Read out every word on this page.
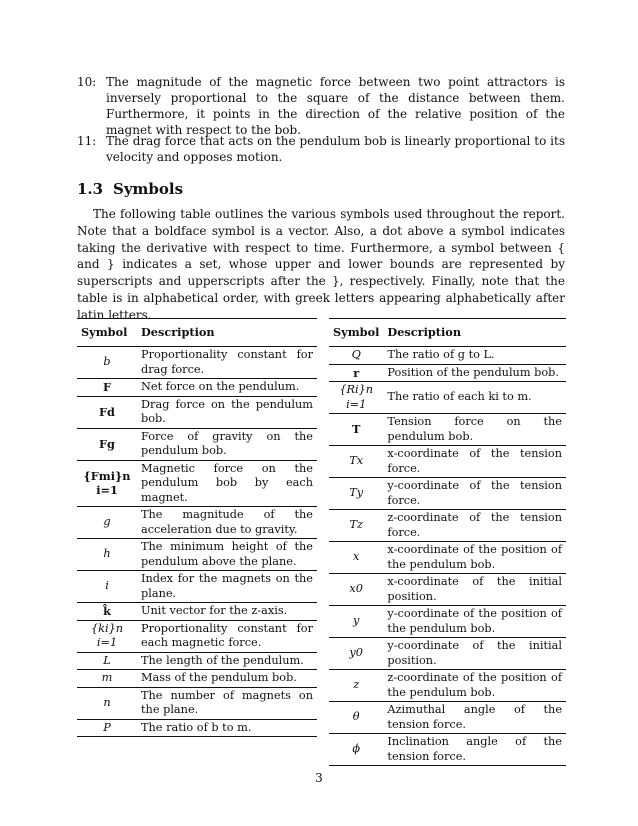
10: The magnitude of the magnetic force between two point attractors is inversely proportional to the square of the distance between them. Furthermore, it points in the direction of the relative position of the magnet with respect to the bob.
11: The drag force that acts on the pendulum bob is linearly proportional to its velocity and opposes motion.
1.3 Symbols
The following table outlines the various symbols used throughout the report. Note that a boldface symbol is a vector. Also, a dot above a symbol indicates taking the derivative with respect to time. Furthermore, a symbol between { and } indicates a set, whose upper and lower bounds are represented by superscripts and upperscripts after the }, respectively. Finally, note that the table is in alphabetical order, with greek letters appearing alphabetically after latin letters.
Symbol	Description
b	Proportionality constant for drag force.
F	Net force on the pendulum.
Fd	Drag force on the pendulum bob.
Fg	Force of gravity on the pendulum bob.
{Fmi}n i=1	Magnetic force on the pendulum bob by each magnet.
g	The magnitude of the acceleration due to gravity.
h	The minimum height of the pendulum above the plane.
i	Index for the magnets on the plane.
k̂	Unit vector for the z-axis.
{ki}n i=1	Proportionality constant for each magnetic force.
L	The length of the pendulum.
m	Mass of the pendulum bob.
n	The number of magnets on the plane.
P	The ratio of b to m.
Symbol	Description
Q	The ratio of g to L.
r	Position of the pendulum bob.
{Ri}n i=1	The ratio of each ki to m.
T	Tension force on the pendulum bob.
Tx	x-coordinate of the tension force.
Ty	y-coordinate of the tension force.
Tz	z-coordinate of the tension force.
x	x-coordinate of the position of the pendulum bob.
x0	x-coordinate of the initial position.
y	y-coordinate of the position of the pendulum bob.
y0	y-coordinate of the initial position.
z	z-coordinate of the position of the pendulum bob.
θ	Azimuthal angle of the tension force.
ϕ	Inclination angle of the tension force.
3
